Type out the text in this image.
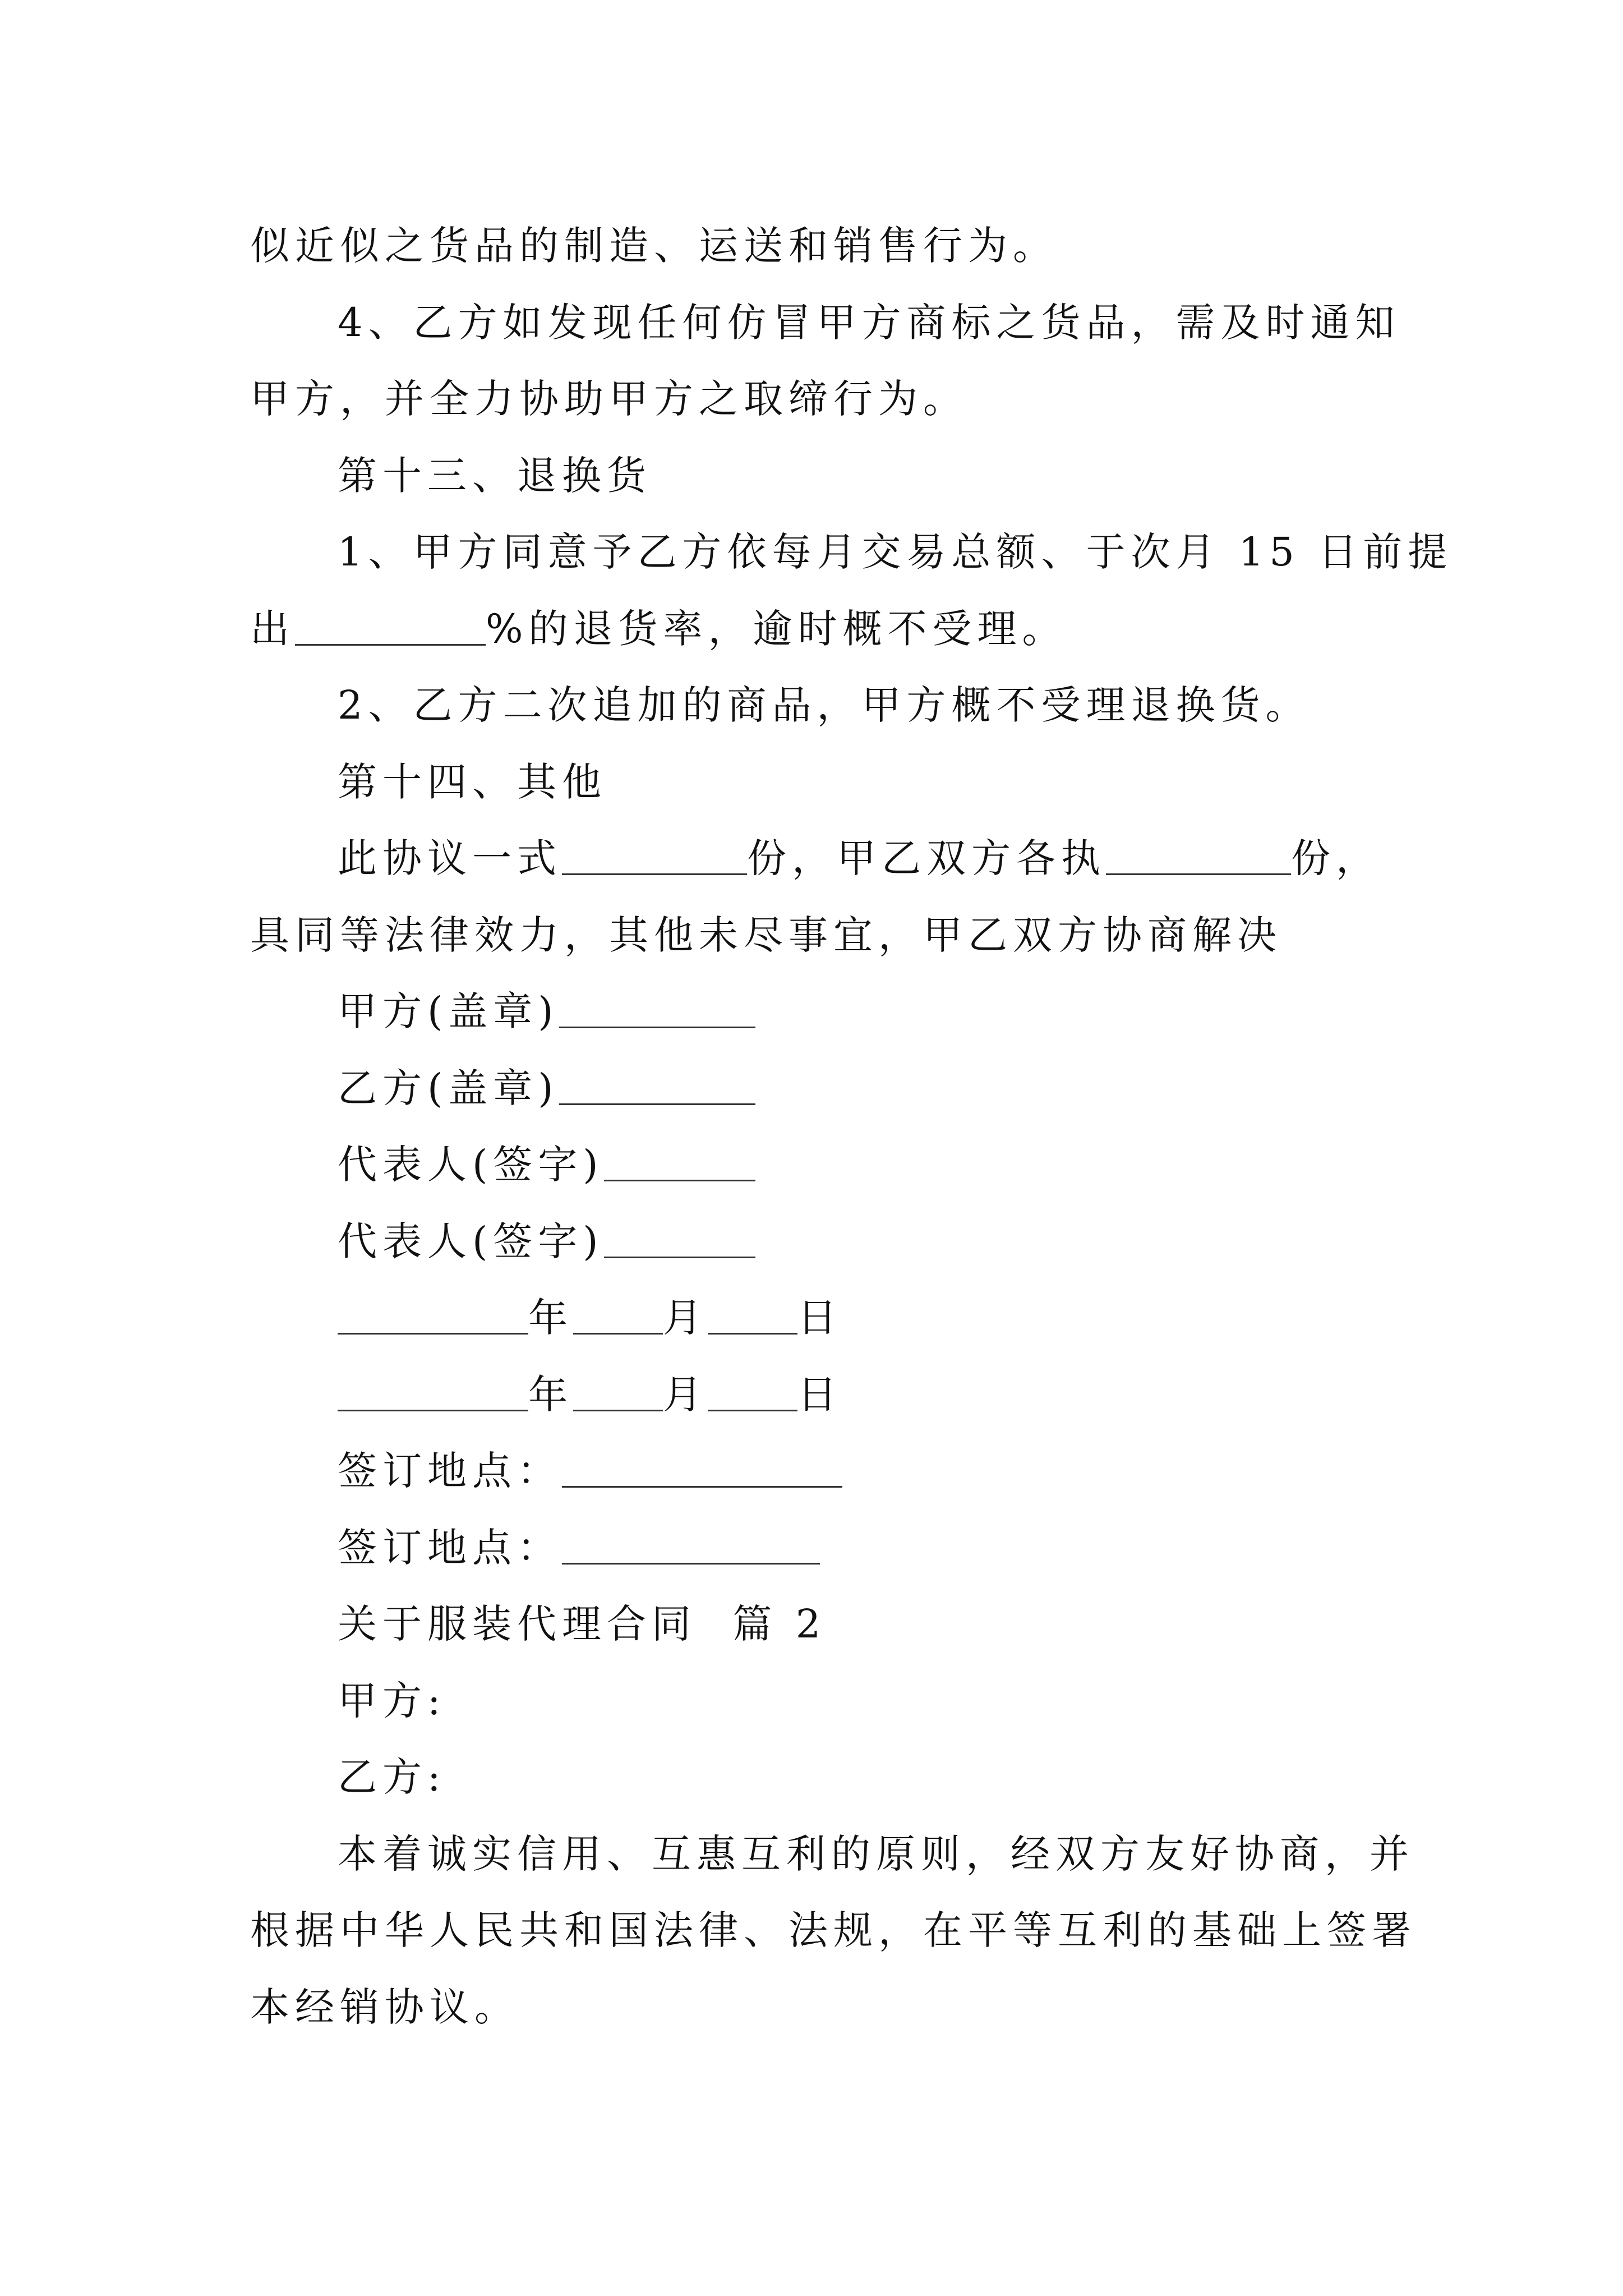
似近似之货品的制造、运送和销售行为。
4、乙方如发现任何仿冒甲方商标之货品，需及时通知
甲方，并全力协助甲方之取缔行为。
第十三、退换货
1、甲方同意予乙方依每月交易总额、于次月 15 日前提
出	%的退货率，逾时概不受理。
2、乙方二次追加的商品，甲方概不受理退换货。
第十四、其他
此协议一式	份，甲乙双方各执	份，
具同等法律效力，其他未尽事宜，甲乙双方协商解决
甲方(盖章)
乙方(盖章)
代表人(签字)
代表人(签字)
年 月 日
年 月 日
签订地点：
签订地点：
关于服装代理合同  篇 2
甲方:
乙方:
本着诚实信用、互惠互利的原则，经双方友好协商，并
根据中华人民共和国法律、法规，在平等互利的基础上签署
本经销协议。
